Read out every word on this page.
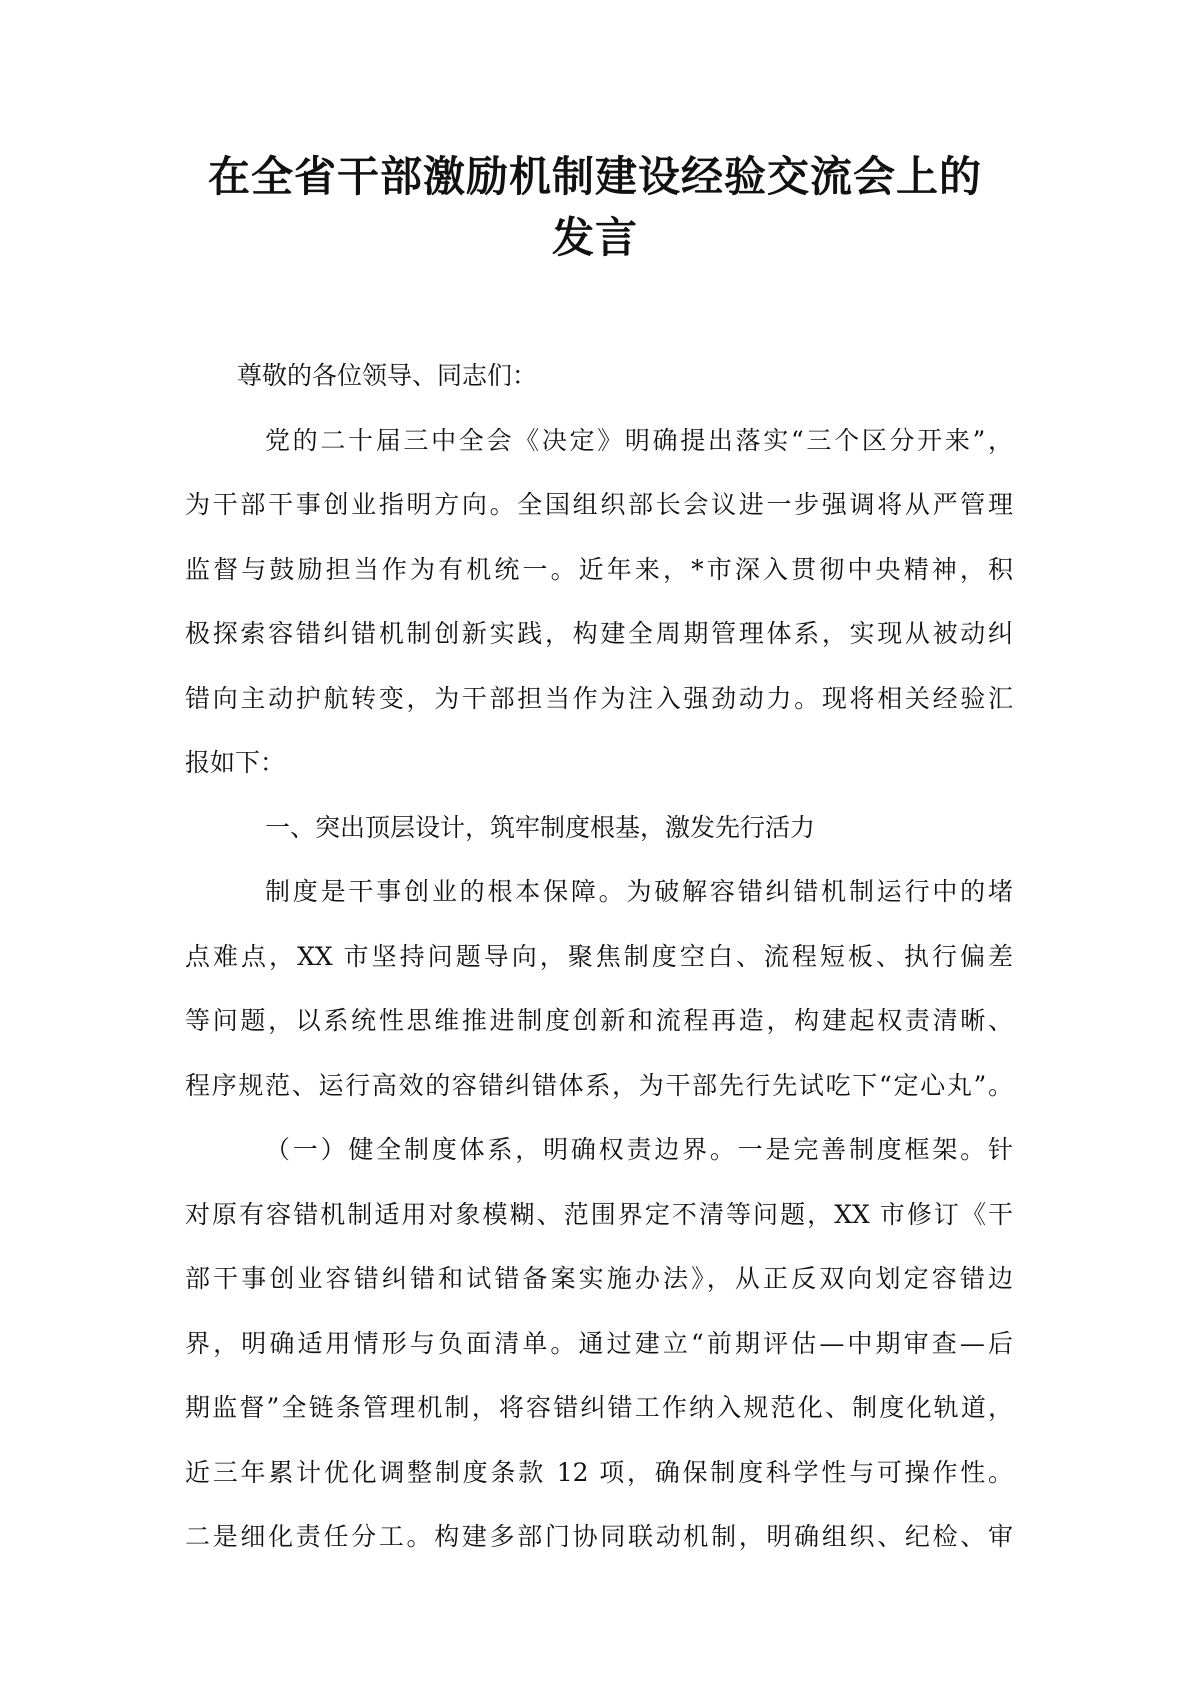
在全省干部激励机制建设经验交流会上的
发言

尊敬的各位领导、同志们：

党的二十届三中全会《决定》明确提出落实“三个区分开来”，
为干部干事创业指明方向。全国组织部长会议进一步强调将从严管理
监督与鼓励担当作为有机统一。近年来，*市深入贯彻中央精神，积
极探索容错纠错机制创新实践，构建全周期管理体系，实现从被动纠
错向主动护航转变，为干部担当作为注入强劲动力。现将相关经验汇
报如下：

一、突出顶层设计，筑牢制度根基，激发先行活力

制度是干事创业的根本保障。为破解容错纠错机制运行中的堵
点难点，XX 市坚持问题导向，聚焦制度空白、流程短板、执行偏差
等问题，以系统性思维推进制度创新和流程再造，构建起权责清晰、
程序规范、运行高效的容错纠错体系，为干部先行先试吃下“定心丸”。

（一）健全制度体系，明确权责边界。一是完善制度框架。针
对原有容错机制适用对象模糊、范围界定不清等问题，XX 市修订《干
部干事创业容错纠错和试错备案实施办法》，从正反双向划定容错边
界，明确适用情形与负面清单。通过建立“前期评估—中期审查—后
期监督”全链条管理机制，将容错纠错工作纳入规范化、制度化轨道，
近三年累计优化调整制度条款 12 项，确保制度科学性与可操作性。
二是细化责任分工。构建多部门协同联动机制，明确组织、纪检、审
